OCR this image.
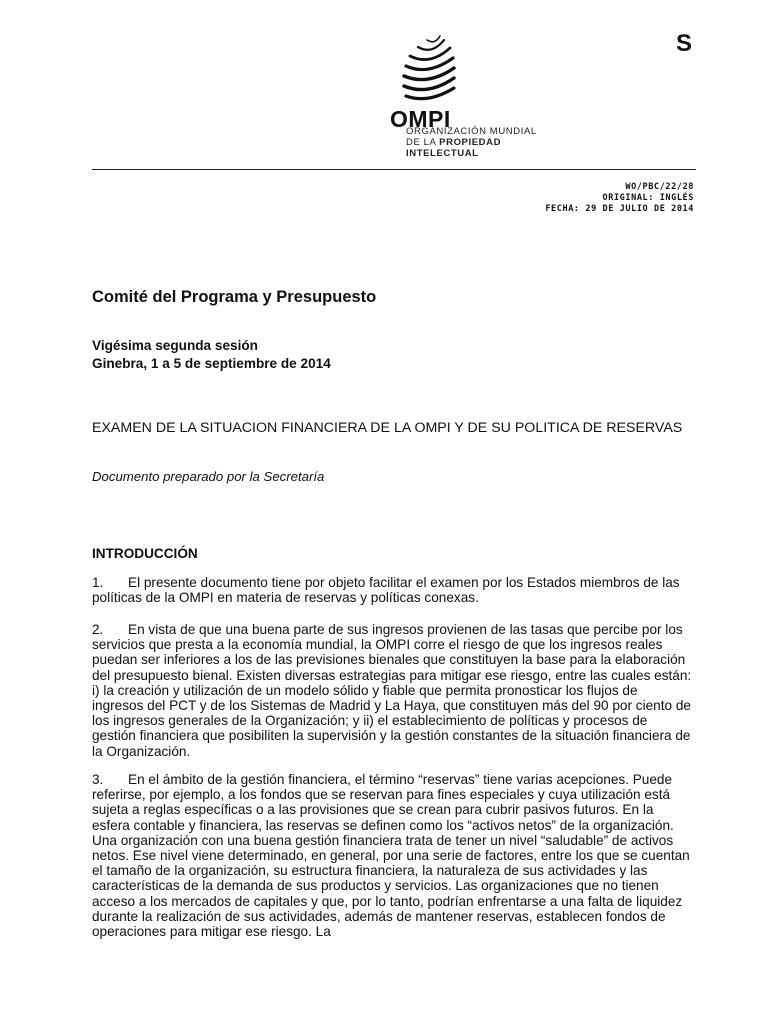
S
OMPI
ORGANIZACIÓN MUNDIAL
DE LA PROPIEDAD
INTELECTUAL
WO/PBC/22/28
ORIGINAL: INGLÉS
FECHA: 29 DE JULIO DE 2014
Comité del Programa y Presupuesto
Vigésima segunda sesión
Ginebra, 1 a 5 de septiembre de 2014
EXAMEN DE LA SITUACION FINANCIERA DE LA OMPI Y DE SU POLITICA DE RESERVAS
Documento preparado por la Secretaría
INTRODUCCIÓN

1. El presente documento tiene por objeto facilitar el examen por los Estados miembros de las políticas de la OMPI en materia de reservas y políticas conexas.

2. En vista de que una buena parte de sus ingresos provienen de las tasas que percibe por los servicios que presta a la economía mundial, la OMPI corre el riesgo de que los ingresos reales puedan ser inferiores a los de las previsiones bienales que constituyen la base para la elaboración del presupuesto bienal. Existen diversas estrategias para mitigar ese riesgo, entre las cuales están: i) la creación y utilización de un modelo sólido y fiable que permita pronosticar los flujos de ingresos del PCT y de los Sistemas de Madrid y La Haya, que constituyen más del 90 por ciento de los ingresos generales de la Organización; y ii) el establecimiento de políticas y procesos de gestión financiera que posibiliten la supervisión y la gestión constantes de la situación financiera de la Organización.

3. En el ámbito de la gestión financiera, el término “reservas” tiene varias acepciones. Puede referirse, por ejemplo, a los fondos que se reservan para fines especiales y cuya utilización está sujeta a reglas específicas o a las provisiones que se crean para cubrir pasivos futuros. En la esfera contable y financiera, las reservas se definen como los “activos netos” de la organización. Una organización con una buena gestión financiera trata de tener un nivel “saludable” de activos netos. Ese nivel viene determinado, en general, por una serie de factores, entre los que se cuentan el tamaño de la organización, su estructura financiera, la naturaleza de sus actividades y las características de la demanda de sus productos y servicios. Las organizaciones que no tienen acceso a los mercados de capitales y que, por lo tanto, podrían enfrentarse a una falta de liquidez durante la realización de sus actividades, además de mantener reservas, establecen fondos de operaciones para mitigar ese riesgo. La
